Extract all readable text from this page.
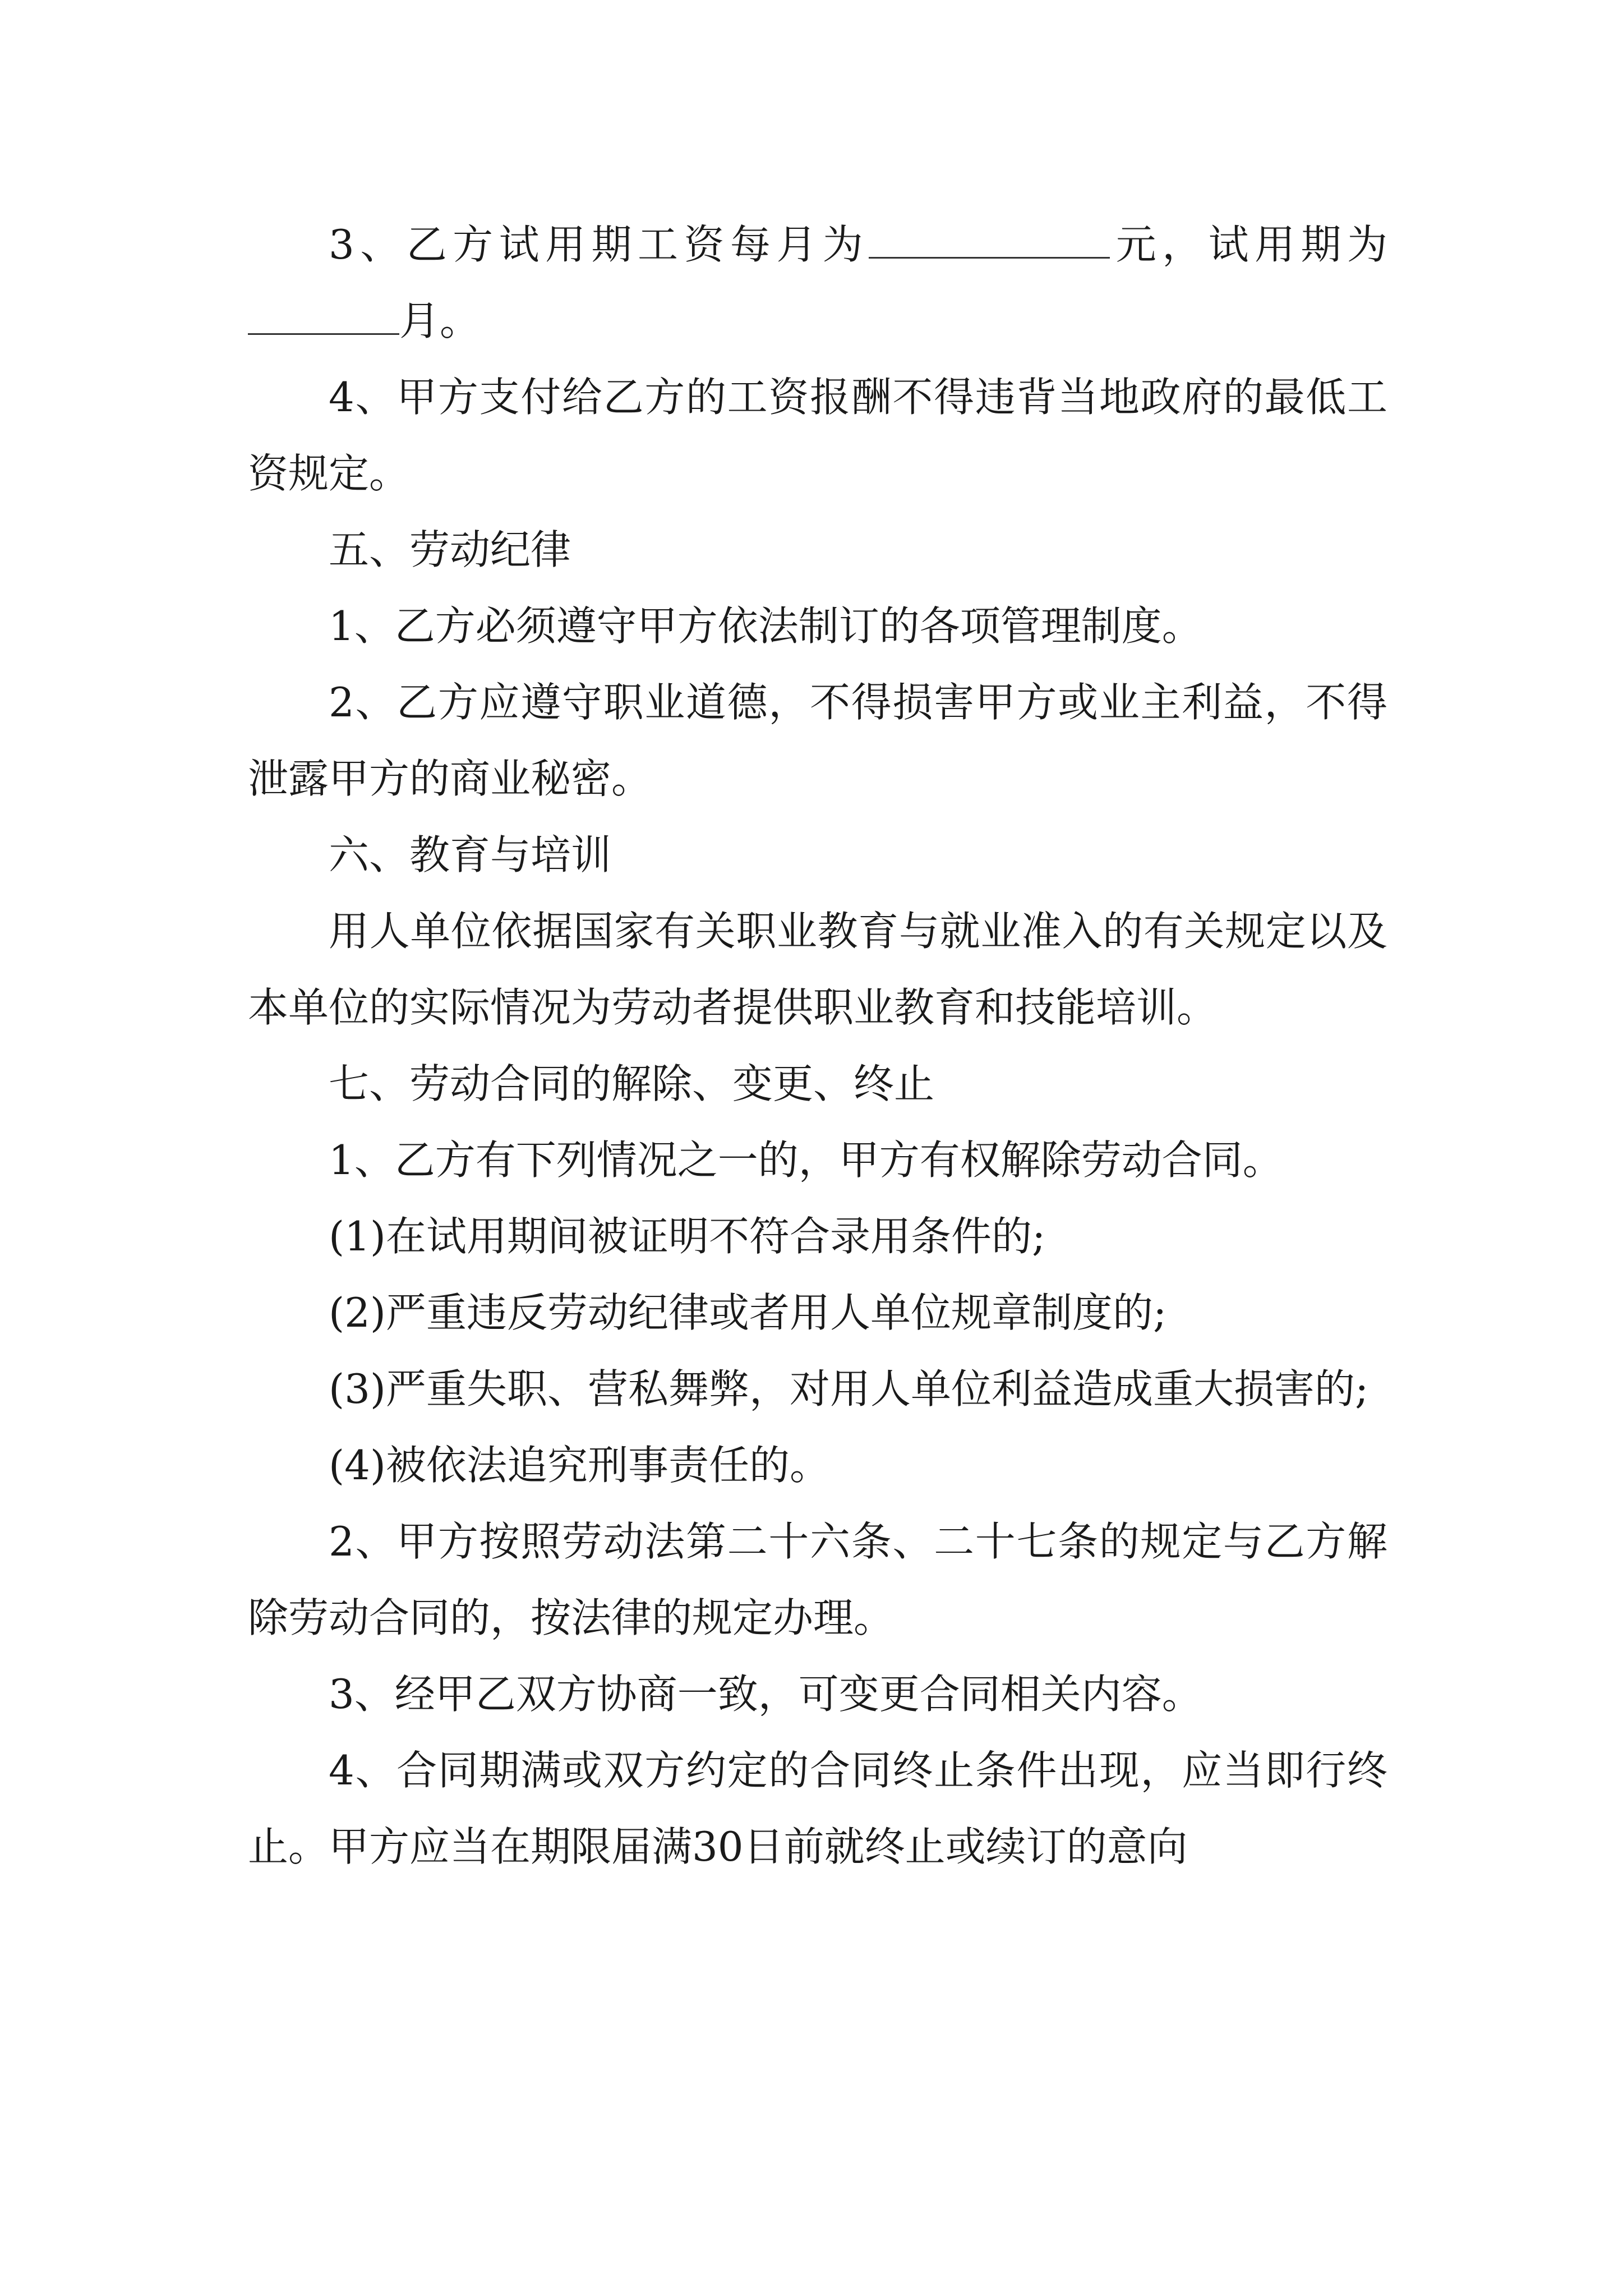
3、乙方试用期工资每月为	元，试用期为月。

4、甲方支付给乙方的工资报酬不得违背当地政府的最低工资规定。

五、劳动纪律

1、乙方必须遵守甲方依法制订的各项管理制度。

2、乙方应遵守职业道德，不得损害甲方或业主利益，不得泄露甲方的商业秘密。

六、教育与培训

用人单位依据国家有关职业教育与就业准入的有关规定以及本单位的实际情况为劳动者提供职业教育和技能培训。

七、劳动合同的解除、变更、终止

1、乙方有下列情况之一的，甲方有权解除劳动合同。

(1)在试用期间被证明不符合录用条件的;

(2)严重违反劳动纪律或者用人单位规章制度的;

(3)严重失职、营私舞弊，对用人单位利益造成重大损害的;

(4)被依法追究刑事责任的。

2、甲方按照劳动法第二十六条、二十七条的规定与乙方解除劳动合同的，按法律的规定办理。

3、经甲乙双方协商一致，可变更合同相关内容。

4、合同期满或双方约定的合同终止条件出现，应当即行终止。甲方应当在期限届满30日前就终止或续订的意向
